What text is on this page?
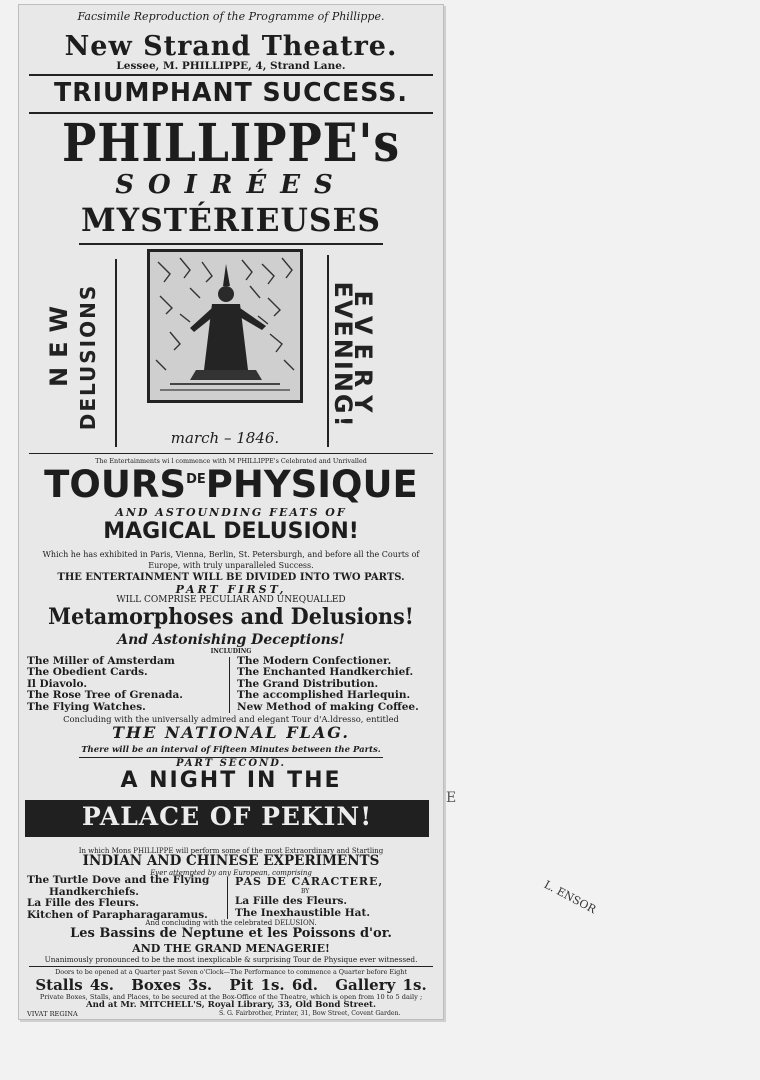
Facsimile Reproduction of the Programme of Phillippe.
New Strand Theatre.
Lessee, M. PHILLIPPE, 4, Strand Lane.
TRIUMPHANT SUCCESS.
PHILLIPPE's
SOIRÉES
MYSTÉRIEUSES
NEW DELUSIONS
march – 1846.
EVERY
EVENING!
The Entertainments wi l commence with M PHILLIPPE's Celebrated and Unrivalled
$TOURS^{DE}PHYSIQUE$
AND ASTOUNDING FEATS OF
MAGICAL DELUSION!
Which he has exhibited in Paris, Vienna, Berlin, St. Petersburgh, and before all the Courts of
Europe, with truly unparalleled Success.
THE ENTERTAINMENT WILL BE DIVIDED INTO TWO PARTS.
PART FIRST,
WILL COMPRISE PECULIAR AND UNEQUALLED
Metamorphoses and Delusions!
And Astonishing Deceptions!
INCLUDING
The Miller of Amsterdam
The Obedient Cards.
Il Diavolo.
The Rose Tree of Grenada.
The Flying Watches.
The Modern Confectioner.
The Enchanted Handkerchief.
The Grand Distribution.
The accomplished Harlequin.
New Method of making Coffee.
Concluding with the universally admired and elegant Tour d'A.ldresso, entitled
THE NATIONAL FLAG.
There will be an interval of Fifteen Minutes between the Parts.
PART SECOND.
A NIGHT IN THE
PALACE OF PEKIN!
In which Mons PHILLIPPE will perform some of the most Extraordinary and Startling
INDIAN AND CHINESE EXPERIMENTS
Ever attempted by any European, comprising
The Turtle Dove and the Flying
Handkerchiefs.
La Fille des Fleurs.
Kitchen of Parapharagaramus.
PAS DE CARACTERE,
BY
La Fille des Fleurs.
The Inexhaustible Hat.
And concluding with the celebrated DELUSION.
Les Bassins de Neptune et les Poissons d'or.
AND THE GRAND MENAGERIE!
Unanimously pronounced to be the most inexplicable & surprising Tour de Physique ever witnessed.
Doors to be opened at a Quarter past Seven o'Clock—The Performance to commence a Quarter before Eight
Stalls 4s. Boxes 3s. Pit 1s. 6d. Gallery 1s.
Private Boxes, Stalls, and Places, to be secured at the Box-Office of the Theatre, which is open from 10 to 5 daily ;
And at Mr. MITCHELL'S, Royal Library, 33, Old Bond Street.
VIVAT REGINA	S. G. Fairbrother, Printer, 31, Bow Street, Covent Garden.
E
L. ENSOR
